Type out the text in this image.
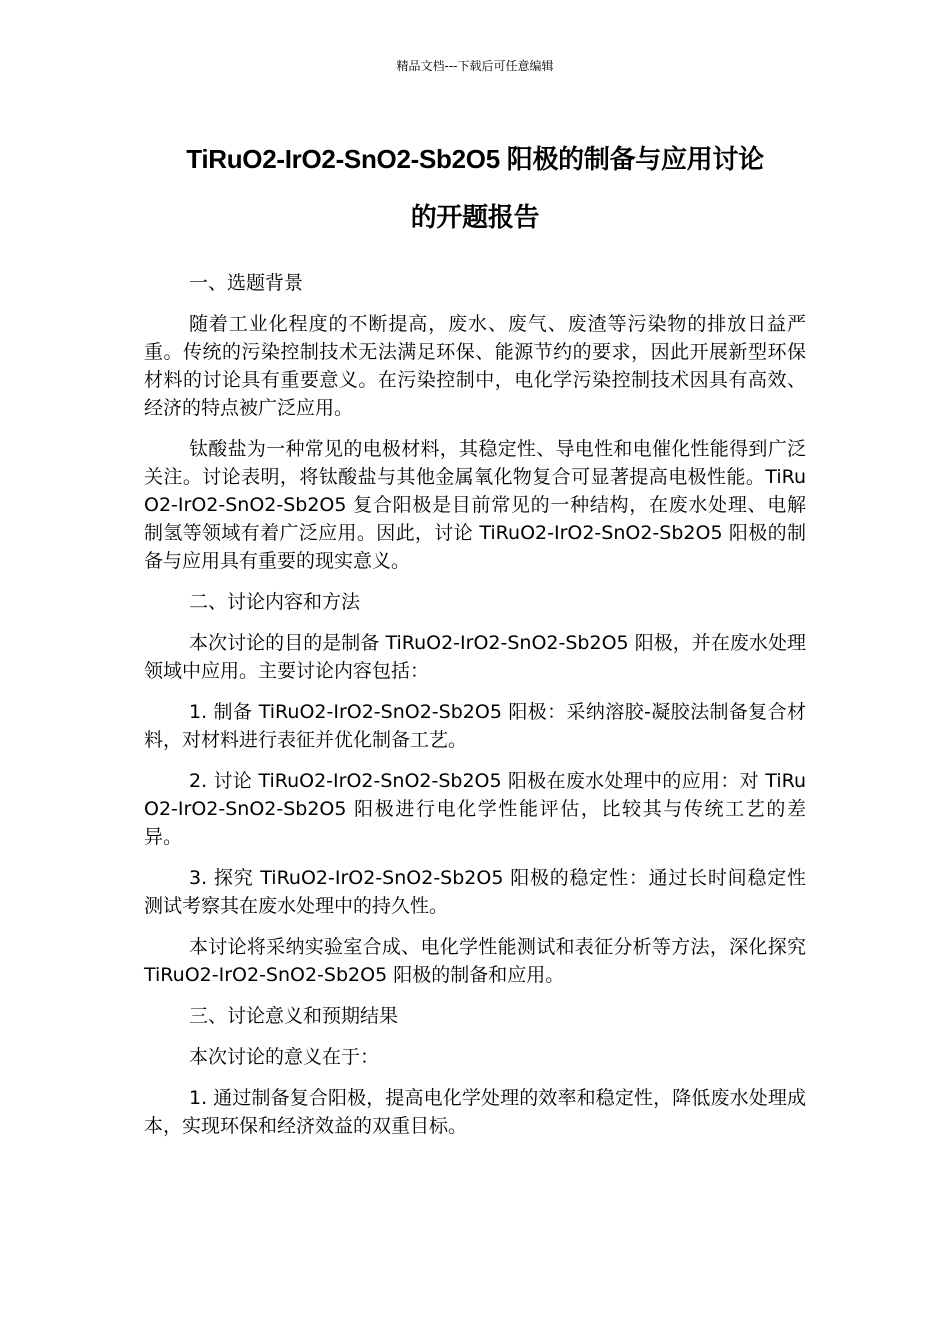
精品文档---下载后可任意编辑
TiRuO2-IrO2-SnO2-Sb2O5 阳极的制备与应用讨论
的开题报告

一、选题背景

随着工业化程度的不断提高，废水、废气、废渣等污染物的排放日益严重。传统的污染控制技术无法满足环保、能源节约的要求，因此开展新型环保材料的讨论具有重要意义。在污染控制中，电化学污染控制技术因具有高效、经济的特点被广泛应用。

钛酸盐为一种常见的电极材料，其稳定性、导电性和电催化性能得到广泛关注。讨论表明，将钛酸盐与其他金属氧化物复合可显著提高电极性能。TiRuO2-IrO2-SnO2-Sb2O5 复合阳极是目前常见的一种结构，在废水处理、电解制氢等领域有着广泛应用。因此，讨论 TiRuO2-IrO2-SnO2-Sb2O5 阳极的制备与应用具有重要的现实意义。

二、讨论内容和方法

本次讨论的目的是制备 TiRuO2-IrO2-SnO2-Sb2O5 阳极，并在废水处理领域中应用。主要讨论内容包括：

1. 制备 TiRuO2-IrO2-SnO2-Sb2O5 阳极：采纳溶胶-凝胶法制备复合材料，对材料进行表征并优化制备工艺。

2. 讨论 TiRuO2-IrO2-SnO2-Sb2O5 阳极在废水处理中的应用：对 TiRuO2-IrO2-SnO2-Sb2O5 阳极进行电化学性能评估，比较其与传统工艺的差异。

3. 探究 TiRuO2-IrO2-SnO2-Sb2O5 阳极的稳定性：通过长时间稳定性测试考察其在废水处理中的持久性。

本讨论将采纳实验室合成、电化学性能测试和表征分析等方法，深化探究 TiRuO2-IrO2-SnO2-Sb2O5 阳极的制备和应用。

三、讨论意义和预期结果

本次讨论的意义在于：

1. 通过制备复合阳极，提高电化学处理的效率和稳定性，降低废水处理成本，实现环保和经济效益的双重目标。
